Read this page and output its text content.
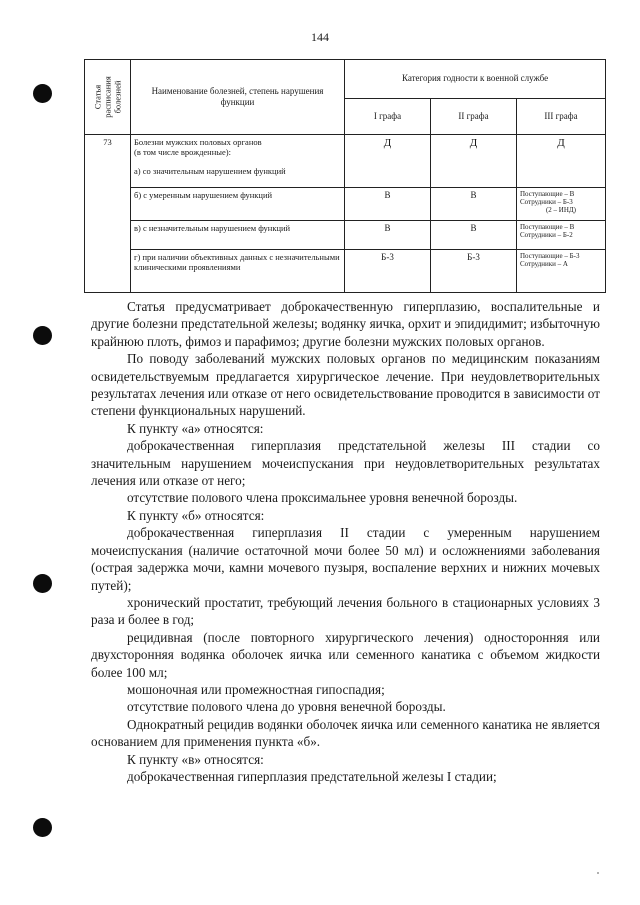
144
Статья расписания болезней	Наименование болезней, степень нарушения функции	Категория годности к военной службе		
		I графа	II графа	III графа
73	Болезни мужских половых органов
(в том числе врожденные):
а) со значительным нарушением функций	Д	Д	Д
	б) с умеренным нарушением функций	В	В	Поступающие – В
Сотрудники – Б-3
(2 – ИНД)

	в) с незначительным нарушением функций	В	В	Поступающие – В
Сотрудники – Б-2

	г) при наличии объективных данных с незначительными клиническими проявлениями	Б-3	Б-3	Поступающие – Б-3
Сотрудники – А

Статья предусматривает доброкачественную гиперплазию, воспалительные и другие болезни предстательной железы; водянку яичка, орхит и эпидидимит; избыточную крайнюю плоть, фимоз и парафимоз; другие болезни мужских половых органов.

По поводу заболеваний мужских половых органов по медицинским показаниям освидетельствуемым предлагается хирургическое лечение. При неудовлетворительных результатах лечения или отказе от него освидетельствование проводится в зависимости от степени функциональных нарушений.

К пункту «а» относятся:

доброкачественная гиперплазия предстательной железы III стадии со значительным нарушением мочеиспускания при неудовлетворительных результатах лечения или отказе от него;

отсутствие полового члена проксимальнее уровня венечной борозды.

К пункту «б» относятся:

доброкачественная гиперплазия II стадии с умеренным нарушением мочеиспускания (наличие остаточной мочи более 50 мл) и осложнениями заболевания (острая задержка мочи, камни мочевого пузыря, воспаление верхних и нижних мочевых путей);

хронический простатит, требующий лечения больного в стационарных условиях 3 раза и более в год;

рецидивная (после повторного хирургического лечения) односторонняя или двухсторонняя водянка оболочек яичка или семенного канатика с объемом жидкости более 100 мл;

мошоночная или промежностная гипоспадия;

отсутствие полового члена до уровня венечной борозды.

Однократный рецидив водянки оболочек яичка или семенного канатика не является основанием для применения пункта «б».

К пункту «в» относятся:

доброкачественная гиперплазия предстательной железы I стадии;
